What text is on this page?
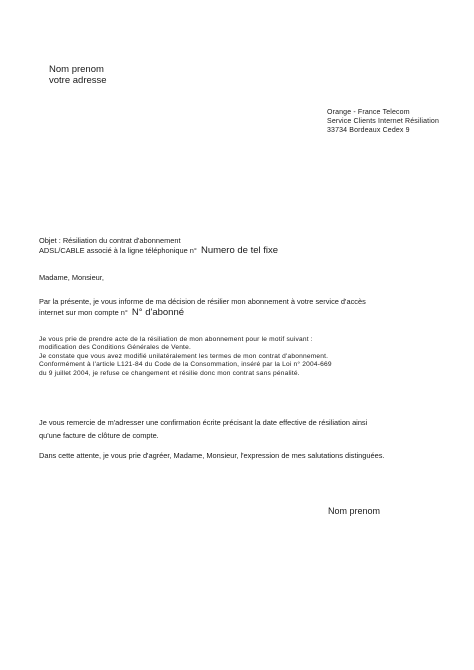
Nom prenom
votre adresse
Orange - France Telecom
Service Clients Internet Résiliation
33734 Bordeaux Cedex 9
Objet : Résiliation du contrat d'abonnement
ADSL/CABLE associé à la ligne téléphonique n° Numero de tel fixe
Madame, Monsieur,
Par la présente, je vous informe de ma décision de résilier mon abonnement à votre service d'accès
internet sur mon compte n° N° d'abonné
Je vous prie de prendre acte de la résiliation de mon abonnement pour le motif suivant :
modification des Conditions Générales de Vente.
Je constate que vous avez modifié unilatéralement les termes de mon contrat d'abonnement.
Conformément à l'article L121-84 du Code de la Consommation, inséré par la Loi n° 2004-669
du 9 juillet 2004, je refuse ce changement et résilie donc mon contrat sans pénalité.
Je vous remercie de m'adresser une confirmation écrite précisant la date effective de résiliation ainsi
qu'une facture de clôture de compte.
Dans cette attente, je vous prie d'agréer, Madame, Monsieur, l'expression de mes salutations distinguées.
Nom prenom
